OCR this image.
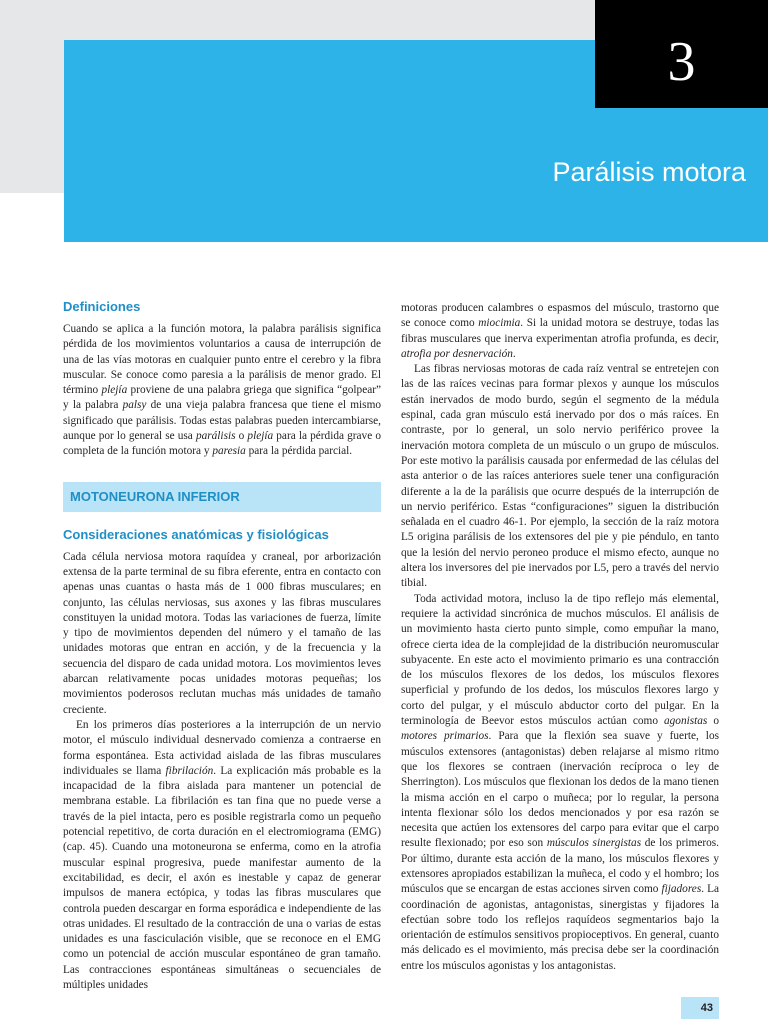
Parálisis motora
3
Definiciones

Cuando se aplica a la función motora, la palabra parálisis significa pérdida de los movimientos voluntarios a causa de interrupción de una de las vías motoras en cualquier punto entre el cerebro y la fibra muscular. Se conoce como paresia a la parálisis de menor grado. El término plejía proviene de una palabra griega que significa “golpear” y la palabra palsy de una vieja palabra francesa que tiene el mismo significado que parálisis. Todas estas palabras pueden intercambiarse, aunque por lo general se usa parálisis o plejía para la pérdida grave o completa de la función motora y paresia para la pérdida parcial.

MOTONEURONA INFERIOR
Consideraciones anatómicas y fisiológicas

Cada célula nerviosa motora raquídea y craneal, por arborización extensa de la parte terminal de su fibra eferente, entra en contacto con apenas unas cuantas o hasta más de 1 000 fibras musculares; en conjunto, las células nerviosas, sus axones y las fibras musculares constituyen la unidad motora. Todas las variaciones de fuerza, límite y tipo de movimientos dependen del número y el tamaño de las unidades motoras que entran en acción, y de la frecuencia y la secuencia del disparo de cada unidad motora. Los movimientos leves abarcan relativamente pocas unidades motoras pequeñas; los movimientos poderosos reclutan muchas más unidades de tamaño creciente.

En los primeros días posteriores a la interrupción de un nervio motor, el músculo individual desnervado comienza a contraerse en forma espontánea. Esta actividad aislada de las fibras musculares individuales se llama fibrilación. La explicación más probable es la incapacidad de la fibra aislada para mantener un potencial de membrana estable. La fibrilación es tan fina que no puede verse a través de la piel intacta, pero es posible registrarla como un pequeño potencial repetitivo, de corta duración en el electromiograma (EMG) (cap. 45). Cuando una motoneurona se enferma, como en la atrofia muscular espinal progresiva, puede manifestar aumento de la excitabilidad, es decir, el axón es inestable y capaz de generar impulsos de manera ectópica, y todas las fibras musculares que controla pueden descargar en forma esporádica e independiente de las otras unidades. El resultado de la contracción de una o varias de estas unidades es una fasciculación visible, que se reconoce en el EMG como un potencial de acción muscular espontáneo de gran tamaño. Las contracciones espontáneas simultáneas o secuenciales de múltiples unidades

motoras producen calambres o espasmos del músculo, trastorno que se conoce como miocimia. Si la unidad motora se destruye, todas las fibras musculares que inerva experimentan atrofia profunda, es decir, atrofia por desnervación.

Las fibras nerviosas motoras de cada raíz ventral se entretejen con las de las raíces vecinas para formar plexos y aunque los músculos están inervados de modo burdo, según el segmento de la médula espinal, cada gran músculo está inervado por dos o más raíces. En contraste, por lo general, un solo nervio periférico provee la inervación motora completa de un músculo o un grupo de músculos. Por este motivo la parálisis causada por enfermedad de las células del asta anterior o de las raíces anteriores suele tener una configuración diferente a la de la parálisis que ocurre después de la interrupción de un nervio periférico. Estas “configuraciones” siguen la distribución señalada en el cuadro 46-1. Por ejemplo, la sección de la raíz motora L5 origina parálisis de los extensores del pie y pie péndulo, en tanto que la lesión del nervio peroneo produce el mismo efecto, aunque no altera los inversores del pie inervados por L5, pero a través del nervio tibial.

Toda actividad motora, incluso la de tipo reflejo más elemental, requiere la actividad sincrónica de muchos músculos. El análisis de un movimiento hasta cierto punto simple, como empuñar la mano, ofrece cierta idea de la complejidad de la distribución neuromuscular subyacente. En este acto el movimiento primario es una contracción de los músculos flexores de los dedos, los músculos flexores superficial y profundo de los dedos, los músculos flexores largo y corto del pulgar, y el músculo abductor corto del pulgar. En la terminología de Beevor estos músculos actúan como agonistas o motores primarios. Para que la flexión sea suave y fuerte, los músculos extensores (antagonistas) deben relajarse al mismo ritmo que los flexores se contraen (inervación recíproca o ley de Sherrington). Los músculos que flexionan los dedos de la mano tienen la misma acción en el carpo o muñeca; por lo regular, la persona intenta flexionar sólo los dedos mencionados y por esa razón se necesita que actúen los extensores del carpo para evitar que el carpo resulte flexionado; por eso son músculos sinergistas de los primeros. Por último, durante esta acción de la mano, los músculos flexores y extensores apropiados estabilizan la muñeca, el codo y el hombro; los músculos que se encargan de estas acciones sirven como fijadores. La coordinación de agonistas, antagonistas, sinergistas y fijadores la efectúan sobre todo los reflejos raquídeos segmentarios bajo la orientación de estímulos sensitivos propioceptivos. En general, cuanto más delicado es el movimiento, más precisa debe ser la coordinación entre los músculos agonistas y los antagonistas.

43
